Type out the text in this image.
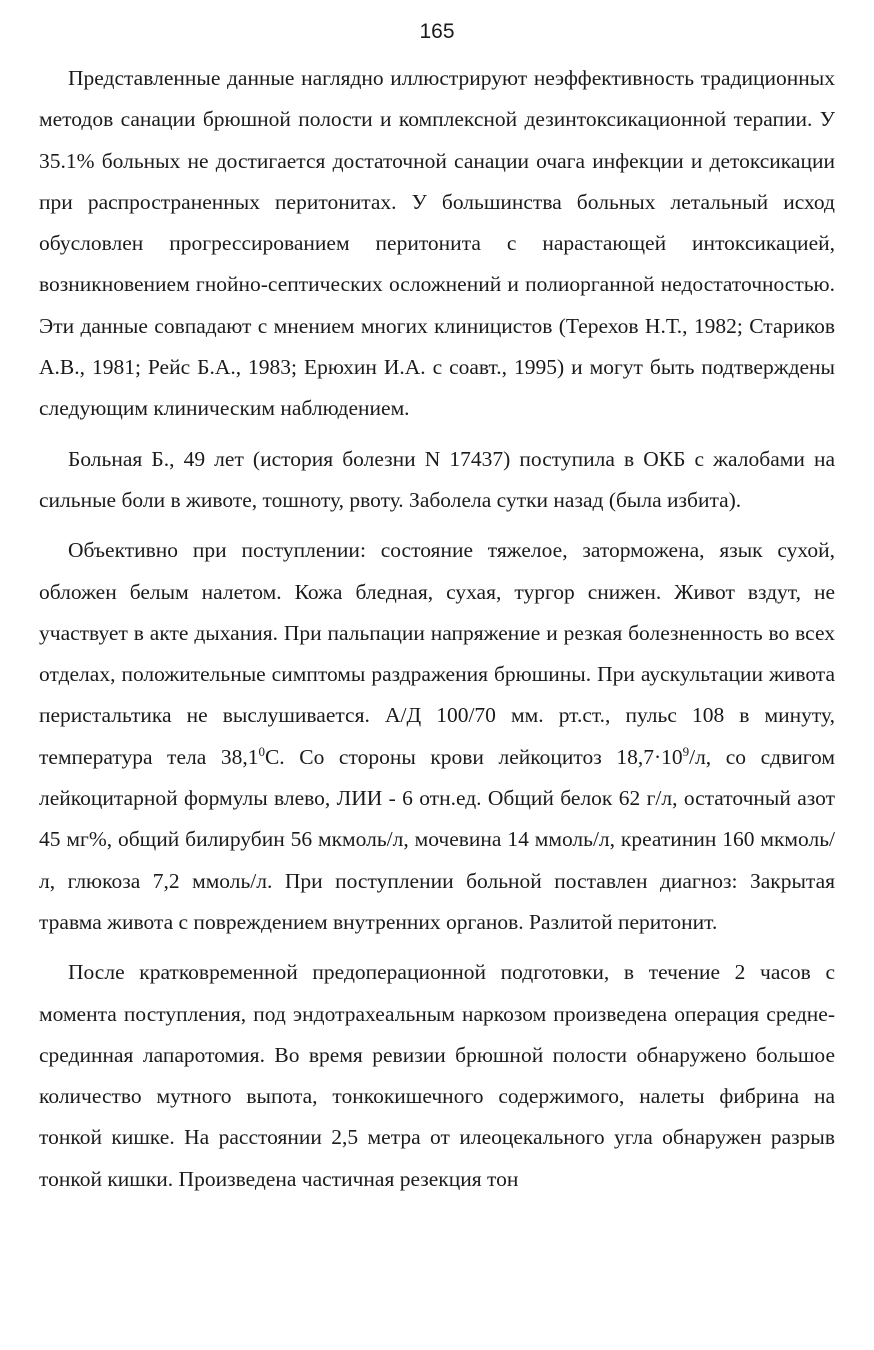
165

Представленные данные наглядно иллюстрируют неэффективность традиционных методов санации брюшной полости и комплексной дезинтоксикационной терапии. У 35.1% больных не достигается достаточной санации очага инфекции и детоксикации при распространенных перитонитах. У большинства больных летальный исход обусловлен прогрессированием перитонита с нарастающей интоксикацией, возникновением гнойно-септических осложнений и полиорганной недостаточностью. Эти данные совпадают с мнением многих клиницистов (Терехов Н.Т., 1982; Стариков А.В., 1981; Рейс Б.А., 1983; Ерюхин И.А. с соавт., 1995) и могут быть подтверждены следующим клиническим наблюдением.

Больная Б., 49 лет (история болезни N 17437) поступила в ОКБ с жалобами на сильные боли в животе, тошноту, рвоту. Заболела сутки назад (была избита).

Объективно при поступлении: состояние тяжелое, заторможена, язык сухой, обложен белым налетом. Кожа бледная, сухая, тургор снижен. Живот вздут, не участвует в акте дыхания. При пальпации напряжение и резкая болезненность во всех отделах, положительные симптомы раздражения брюшины. При аускультации живота перистальтика не выслушивается. А/Д 100/70 мм. рт.ст., пульс 108 в минуту, температура тела 38,1$^0$С. Со стороны крови лейкоцитоз $18,7\cdot 10^9/л$, со сдвигом лейкоцитарной формулы влево, ЛИИ - 6 отн.ед. Общий белок 62 г/л, остаточный азот 45 мг%, общий билирубин 56 мкмоль/л, мочевина 14 ммоль/л, креатинин 160 мкмоль/л, глюкоза 7,2 ммоль/л. При поступлении больной поставлен диагноз: Закрытая травма живота с повреждением внутренних органов. Разлитой перитонит.

После кратковременной предоперационной подготовки, в течение 2 часов с момента поступления, под эндотрахеальным наркозом произведена операция средне-срединная лапаротомия. Во время ревизии брюшной полости обнаружено большое количество мутного выпота, тонкокишечного содержимого, налеты фибрина на тонкой кишке. На расстоянии 2,5 метра от илеоцекального угла обнаружен разрыв тонкой кишки. Произведена частичная резекция тон
